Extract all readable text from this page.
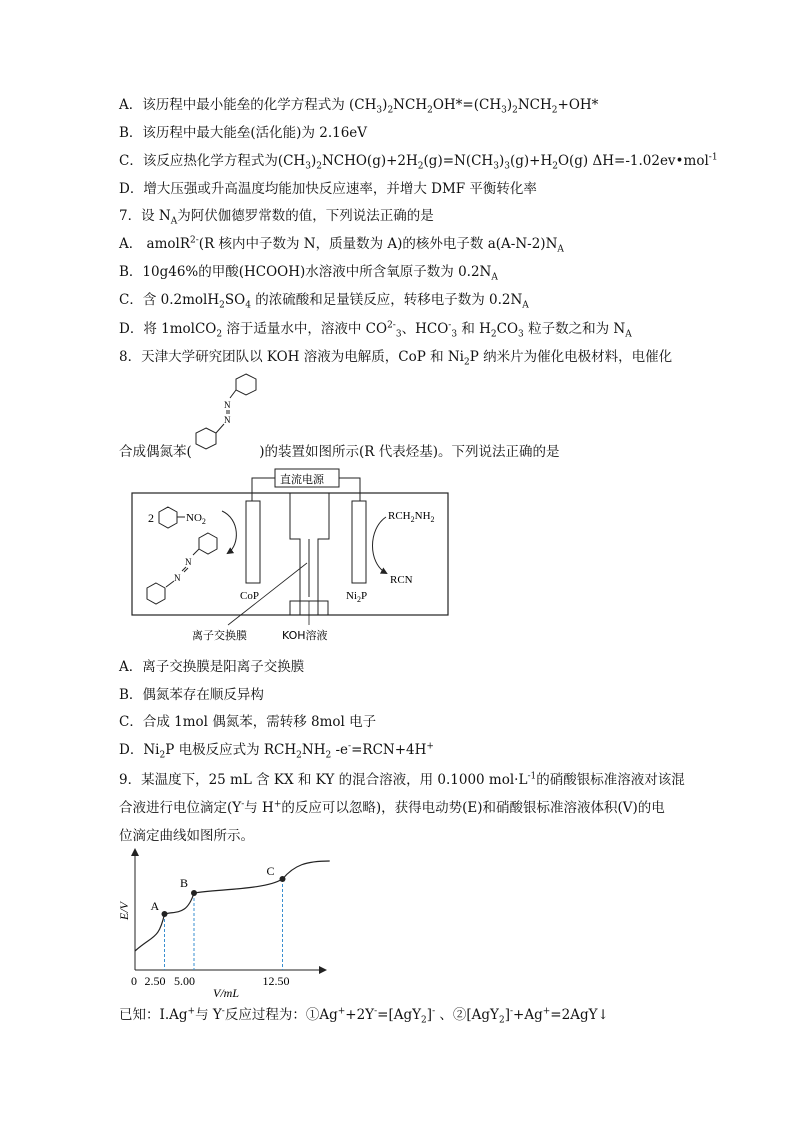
A．该历程中最小能垒的化学方程式为 $(CH_3)_2NCH_2OH*=(CH_3)_2NCH_2+OH*$
B．该历程中最大能垒(活化能)为 2.16eV
C．该反应热化学方程式为$(CH_3)_2NCHO(g)+2H_2(g)=N(CH_3)_3(g)+H_2O(g)$ ΔH=-1.02ev•mol$^{-1}$
D．增大压强或升高温度均能加快反应速率，并增大 DMF 平衡转化率
7．设 $N_A$为阿伏伽德罗常数的值，下列说法正确的是
A． amolR$^{2-}$(R 核内中子数为 N，质量数为 A)的核外电子数 $a(A-N-2)N_A$
B．10g46%的甲酸(HCOOH)水溶液中所含氧原子数为 $0.2N_A$
C．含 $0.2molH_2SO_4$ 的浓硫酸和足量镁反应，转移电子数为 $0.2N_A$
D．将 1molCO$_2$ 溶于适量水中，溶液中 $CO^{2-}_3$、$HCO^-_3$ 和 $H_2CO_3$ 粒子数之和为 $N_A$
8．天津大学研究团队以 KOH 溶液为电解质，CoP 和 $Ni_2P$ 纳米片为催化电极材料，电催化
合成偶氮苯(　　　　　)的装置如图所示(R 代表烃基)。下列说法正确的是
A．离子交换膜是阳离子交换膜
B．偶氮苯存在顺反异构
C．合成 1mol 偶氮苯，需转移 8mol 电子
D．$Ni_2P$ 电极反应式为 $RCH_2NH_2$ -e-=RCN+4H+
9．某温度下，25 mL 含 KX 和 KY 的混合溶液，用 0.1000 $mol\cdot L^{-1}$的硝酸银标准溶液对该混
合液进行电位滴定(Y-与 H+的反应可以忽略)，获得电动势(E)和硝酸银标准溶液体积(V)的电
位滴定曲线如图所示。
已知：Ⅰ.Ag+与 Y-反应过程为：①Ag++2Y-=[AgY$_2$]- 、②[AgY$_2$]-+Ag+=2AgY↓
N
N
直流电源
2	$NO_2$
N
N
$RCH_2NH_2$
RCN
CoP	$Ni_2P$
离子交换膜	KOH溶液
E/V
0
V/mL
2.50 5.00	12.50
A
B
C
